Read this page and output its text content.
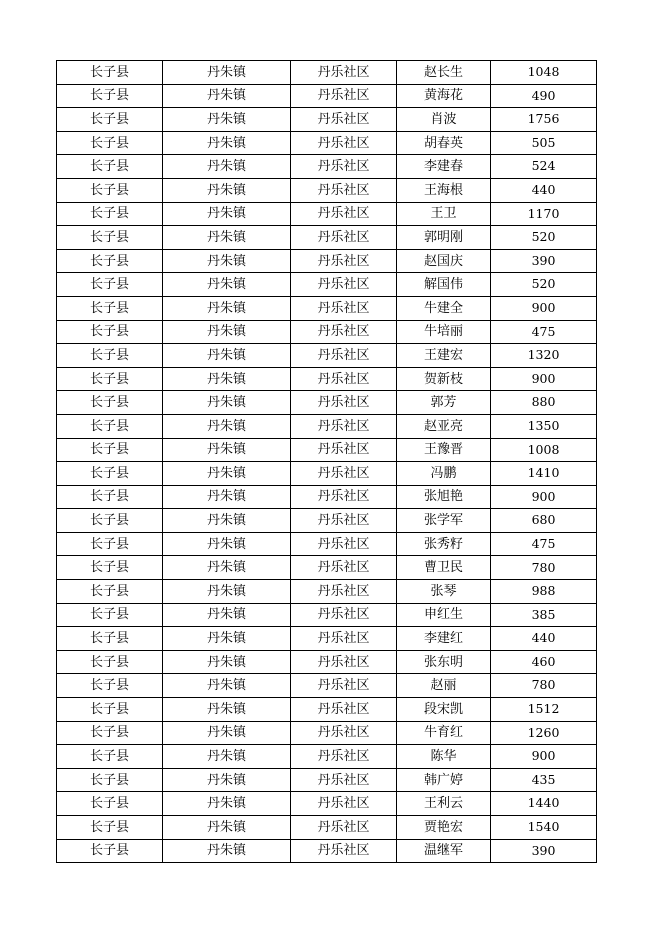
长子县	丹朱镇	丹乐社区	赵长生	1048
长子县	丹朱镇	丹乐社区	黄海花	490
长子县	丹朱镇	丹乐社区	肖波	1756
长子县	丹朱镇	丹乐社区	胡春英	505
长子县	丹朱镇	丹乐社区	李建春	524
长子县	丹朱镇	丹乐社区	王海根	440
长子县	丹朱镇	丹乐社区	王卫	1170
长子县	丹朱镇	丹乐社区	郭明刚	520
长子县	丹朱镇	丹乐社区	赵国庆	390
长子县	丹朱镇	丹乐社区	解国伟	520
长子县	丹朱镇	丹乐社区	牛建全	900
长子县	丹朱镇	丹乐社区	牛培丽	475
长子县	丹朱镇	丹乐社区	王建宏	1320
长子县	丹朱镇	丹乐社区	贺新枝	900
长子县	丹朱镇	丹乐社区	郭芳	880
长子县	丹朱镇	丹乐社区	赵亚亮	1350
长子县	丹朱镇	丹乐社区	王豫晋	1008
长子县	丹朱镇	丹乐社区	冯鹏	1410
长子县	丹朱镇	丹乐社区	张旭艳	900
长子县	丹朱镇	丹乐社区	张学军	680
长子县	丹朱镇	丹乐社区	张秀籽	475
长子县	丹朱镇	丹乐社区	曹卫民	780
长子县	丹朱镇	丹乐社区	张琴	988
长子县	丹朱镇	丹乐社区	申红生	385
长子县	丹朱镇	丹乐社区	李建红	440
长子县	丹朱镇	丹乐社区	张东明	460
长子县	丹朱镇	丹乐社区	赵丽	780
长子县	丹朱镇	丹乐社区	段宋凯	1512
长子县	丹朱镇	丹乐社区	牛育红	1260
长子县	丹朱镇	丹乐社区	陈华	900
长子县	丹朱镇	丹乐社区	韩广婷	435
长子县	丹朱镇	丹乐社区	王利云	1440
长子县	丹朱镇	丹乐社区	贾艳宏	1540
长子县	丹朱镇	丹乐社区	温继军	390
